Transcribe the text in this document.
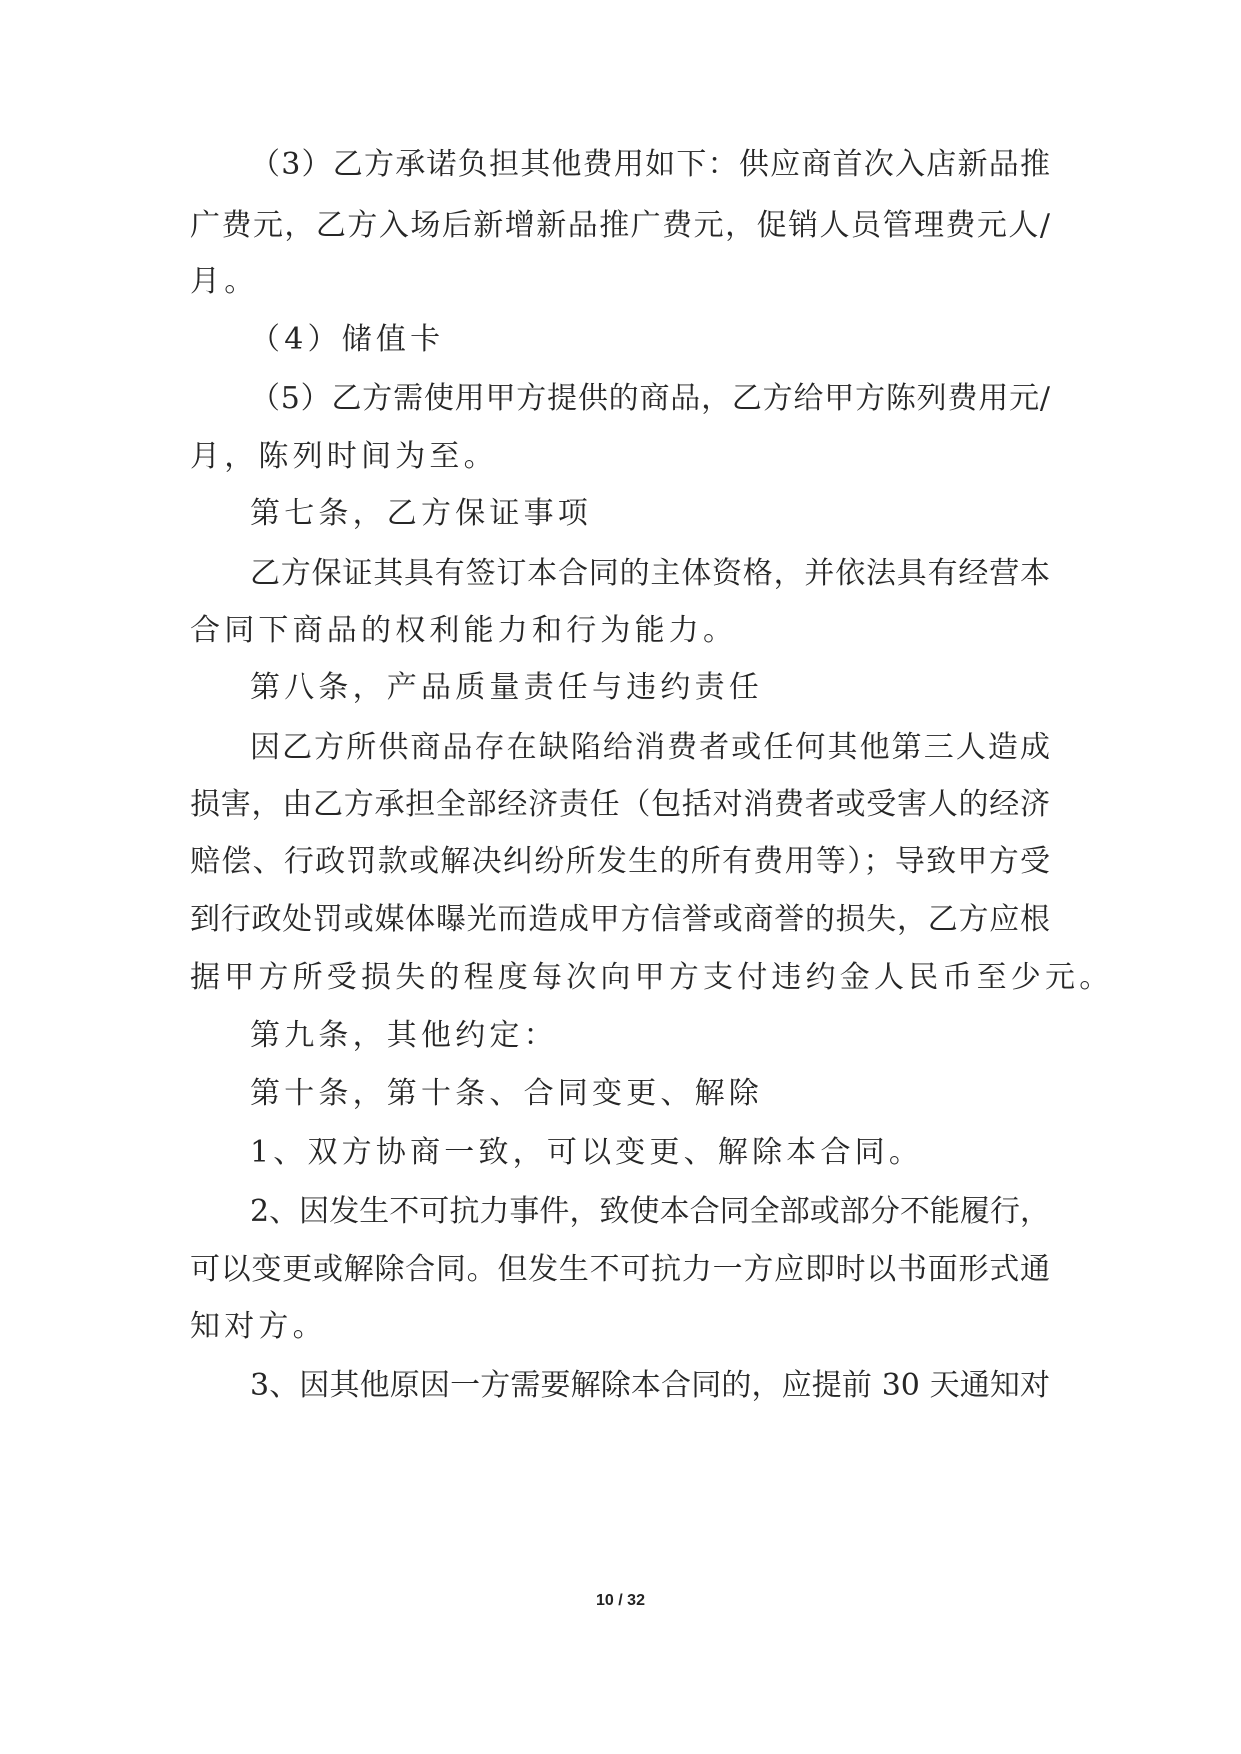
（3）乙方承诺负担其他费用如下：供应商首次入店新品推
广费元，乙方入场后新增新品推广费元，促销人员管理费元人/
月。
（4）储值卡
（5）乙方需使用甲方提供的商品，乙方给甲方陈列费用元/
月，陈列时间为至。
第七条，乙方保证事项
乙方保证其具有签订本合同的主体资格，并依法具有经营本
合同下商品的权利能力和行为能力。
第八条，产品质量责任与违约责任
因乙方所供商品存在缺陷给消费者或任何其他第三人造成
损害，由乙方承担全部经济责任（包括对消费者或受害人的经济
赔偿、行政罚款或解决纠纷所发生的所有费用等）；导致甲方受
到行政处罚或媒体曝光而造成甲方信誉或商誉的损失，乙方应根
据甲方所受损失的程度每次向甲方支付违约金人民币至少元。
第九条，其他约定：
第十条，第十条、合同变更、解除
1、双方协商一致，可以变更、解除本合同。
2、因发生不可抗力事件，致使本合同全部或部分不能履行，
可以变更或解除合同。但发生不可抗力一方应即时以书面形式通
知对方。
3、因其他原因一方需要解除本合同的，应提前 30 天通知对
10 / 32
